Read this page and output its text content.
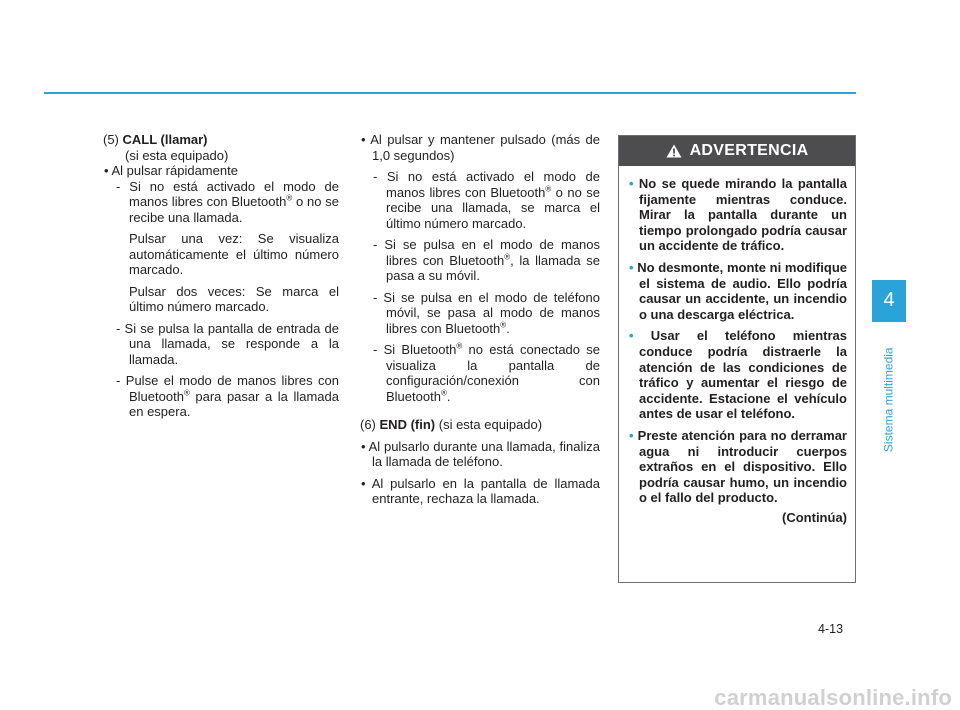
(5) CALL (llamar)

(si esta equipado)

• Al pulsar rápidamente

- Si no está activado el modo de manos libres con Bluetooth® o no se recibe una llamada.

Pulsar una vez: Se visualiza automáticamente el último número marcado.

Pulsar dos veces: Se marca el último número marcado.

- Si se pulsa la pantalla de entrada de una llamada, se responde a la llamada.

- Pulse el modo de manos libres con Bluetooth® para pasar a la llamada en espera.

• Al pulsar y mantener pulsado (más de 1,0 segundos)

- Si no está activado el modo de manos libres con Bluetooth® o no se recibe una llamada, se marca el último número marcado.

- Si se pulsa en el modo de manos libres con Bluetooth®, la llamada se pasa a su móvil.

- Si se pulsa en el modo de teléfono móvil, se pasa al modo de manos libres con Bluetooth®.

- Si Bluetooth® no está conectado se visualiza la pantalla de configuración/conexión con Bluetooth®.

(6) END (fin) (si esta equipado)

• Al pulsarlo durante una llamada, finaliza la llamada de teléfono.

• Al pulsarlo en la pantalla de llamada entrante, rechaza la llamada.

ADVERTENCIA

• No se quede mirando la pantalla fijamente mientras conduce. Mirar la pantalla durante un tiempo prolongado podría causar un accidente de tráfico.

• No desmonte, monte ni modifique el sistema de audio. Ello podría causar un accidente, un incendio o una descarga eléctrica.

• Usar el teléfono mientras conduce podría distraerle la atención de las condiciones de tráfico y aumentar el riesgo de accidente. Estacione el vehículo antes de usar el teléfono.

• Preste atención para no derramar agua ni introducir cuerpos extraños en el dispositivo. Ello podría causar humo, un incendio o el fallo del producto.

(Continúa)

4
Sistema multimedia
4-13
carmanualsonline.info
